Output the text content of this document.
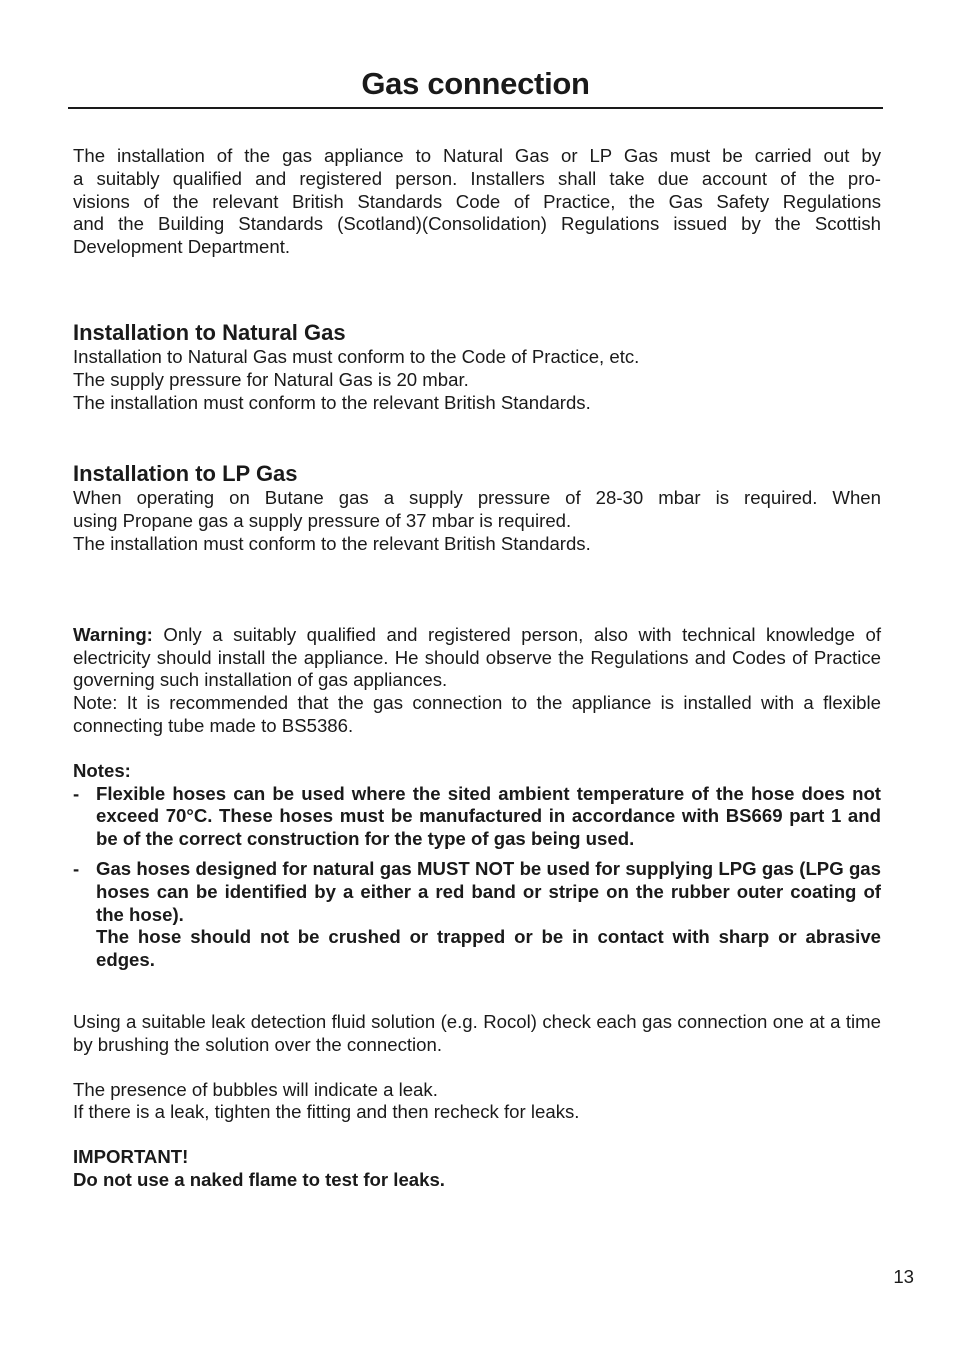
Gas connection

The installation of the gas appliance to Natural Gas or LP Gas must be carried out by

a suitably qualified and registered person. Installers shall take due account of the pro-

visions of the relevant British Standards Code of Practice, the Gas Safety Regulations

and the Building Standards (Scotland)(Consolidation) Regulations issued by the Scottish

Development Department.

Installation to Natural Gas

Installation to Natural Gas must conform to the Code of Practice, etc.

The supply pressure for Natural Gas is 20 mbar.

The installation must conform to the relevant British Standards.

Installation to LP Gas

When operating on Butane gas a supply pressure of 28-30 mbar is required. When

using Propane gas a supply pressure of 37 mbar is required.

The installation must conform to the relevant British Standards.

Warning: Only a suitably qualified and registered person, also with technical knowledge of electricity should install the appliance. He should observe the Regulations and Codes of Practice governing such installation of gas appliances.

Note: It is recommended that the gas connection to the appliance is installed with a flexible connecting tube made to BS5386.

Notes:

- Flexible hoses can be used where the sited ambient temperature of the hose does not exceed 70°C. These hoses must be manufactured in accordance with BS669 part 1 and be of the correct construction for the type of gas being used.
- Gas hoses designed for natural gas MUST NOT be used for supplying LPG gas (LPG gas hoses can be identified by a either a red band or stripe on the rubber outer coating of the hose).
The hose should not be crushed or trapped or be in contact with sharp or abrasive edges.

Using a suitable leak detection fluid solution (e.g. Rocol) check each gas connection one at a time by brushing the solution over the connection.

The presence of bubbles will indicate a leak.

If there is a leak, tighten the fitting and then recheck for leaks.

IMPORTANT!

Do not use a naked flame to test for leaks.

13
